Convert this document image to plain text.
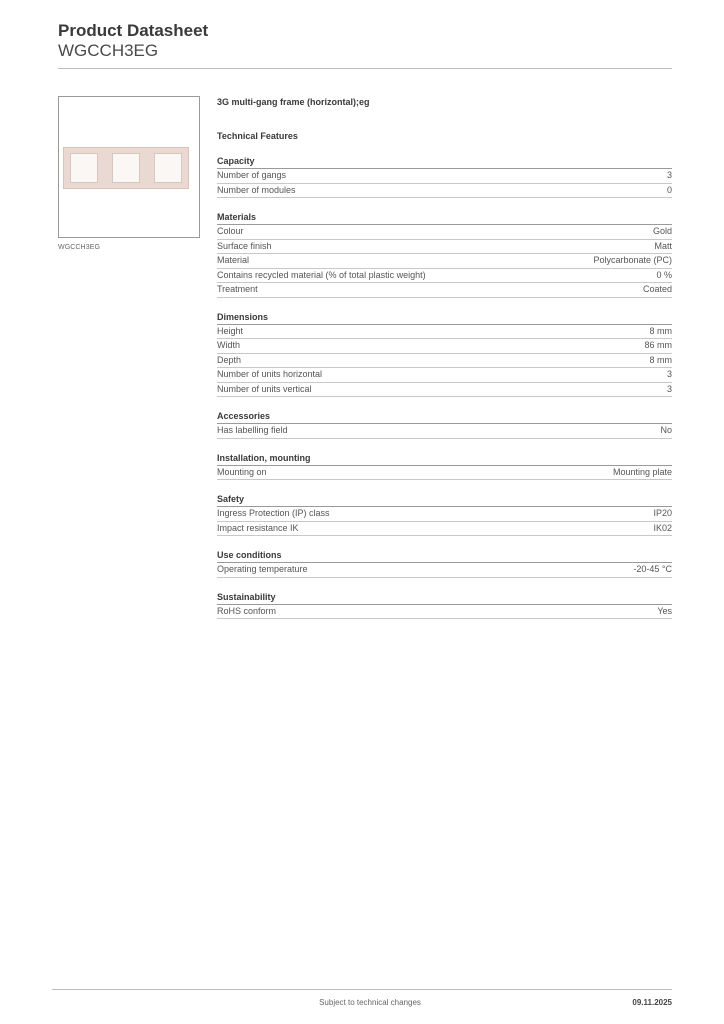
Product Datasheet
WGCCH3EG
WGCCH3EG
3G multi-gang frame (horizontal);eg
Technical Features
Capacity
Number of gangs	3
Number of modules	0
Materials
Colour	Gold
Surface finish	Matt
Material	Polycarbonate (PC)
Contains recycled material (% of total plastic weight)	0 %
Treatment	Coated
Dimensions
Height	8 mm
Width	86 mm
Depth	8 mm
Number of units horizontal	3
Number of units vertical	3
Accessories
Has labelling field	No
Installation, mounting
Mounting on	Mounting plate
Safety
Ingress Protection (IP) class	IP20
Impact resistance IK	IK02
Use conditions
Operating temperature	-20-45 °C
Sustainability
RoHS conform	Yes
Subject to technical changes	09.11.2025
